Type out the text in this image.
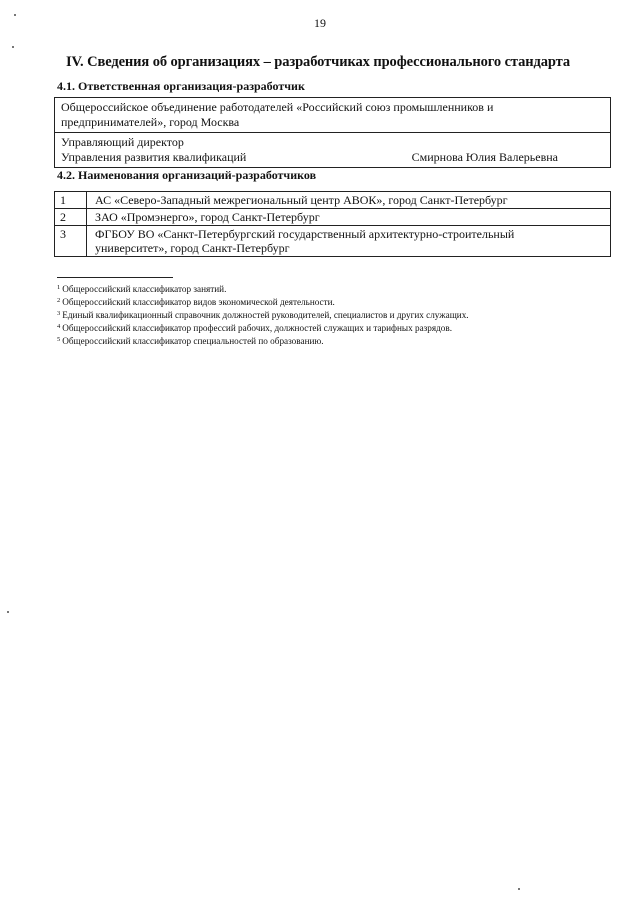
19
IV. Сведения об организациях – разработчиках профессионального стандарта
4.1. Ответственная организация-разработчик
Общероссийское объединение работодателей «Российский союз промышленников и
предпринимателей», город Москва
Управляющий директор
Управления развития квалификаций	Смирнова Юлия Валерьевна
4.2. Наименования организаций-разработчиков
1	АС «Северо-Западный межрегиональный центр АВОК», город Санкт-Петербург

2	ЗАО «Промэнерго», город Санкт-Петербург

3	ФГБОУ ВО «Санкт-Петербургский государственный архитектурно-строительный
университет», город Санкт-Петербург
$^1$ Общероссийский классификатор занятий.
$^2$ Общероссийский классификатор видов экономической деятельности.
$^3$ Единый квалификационный справочник должностей руководителей, специалистов и других служащих.
$^4$ Общероссийский классификатор профессий рабочих, должностей служащих и тарифных разрядов.
$^5$ Общероссийский классификатор специальностей по образованию.
